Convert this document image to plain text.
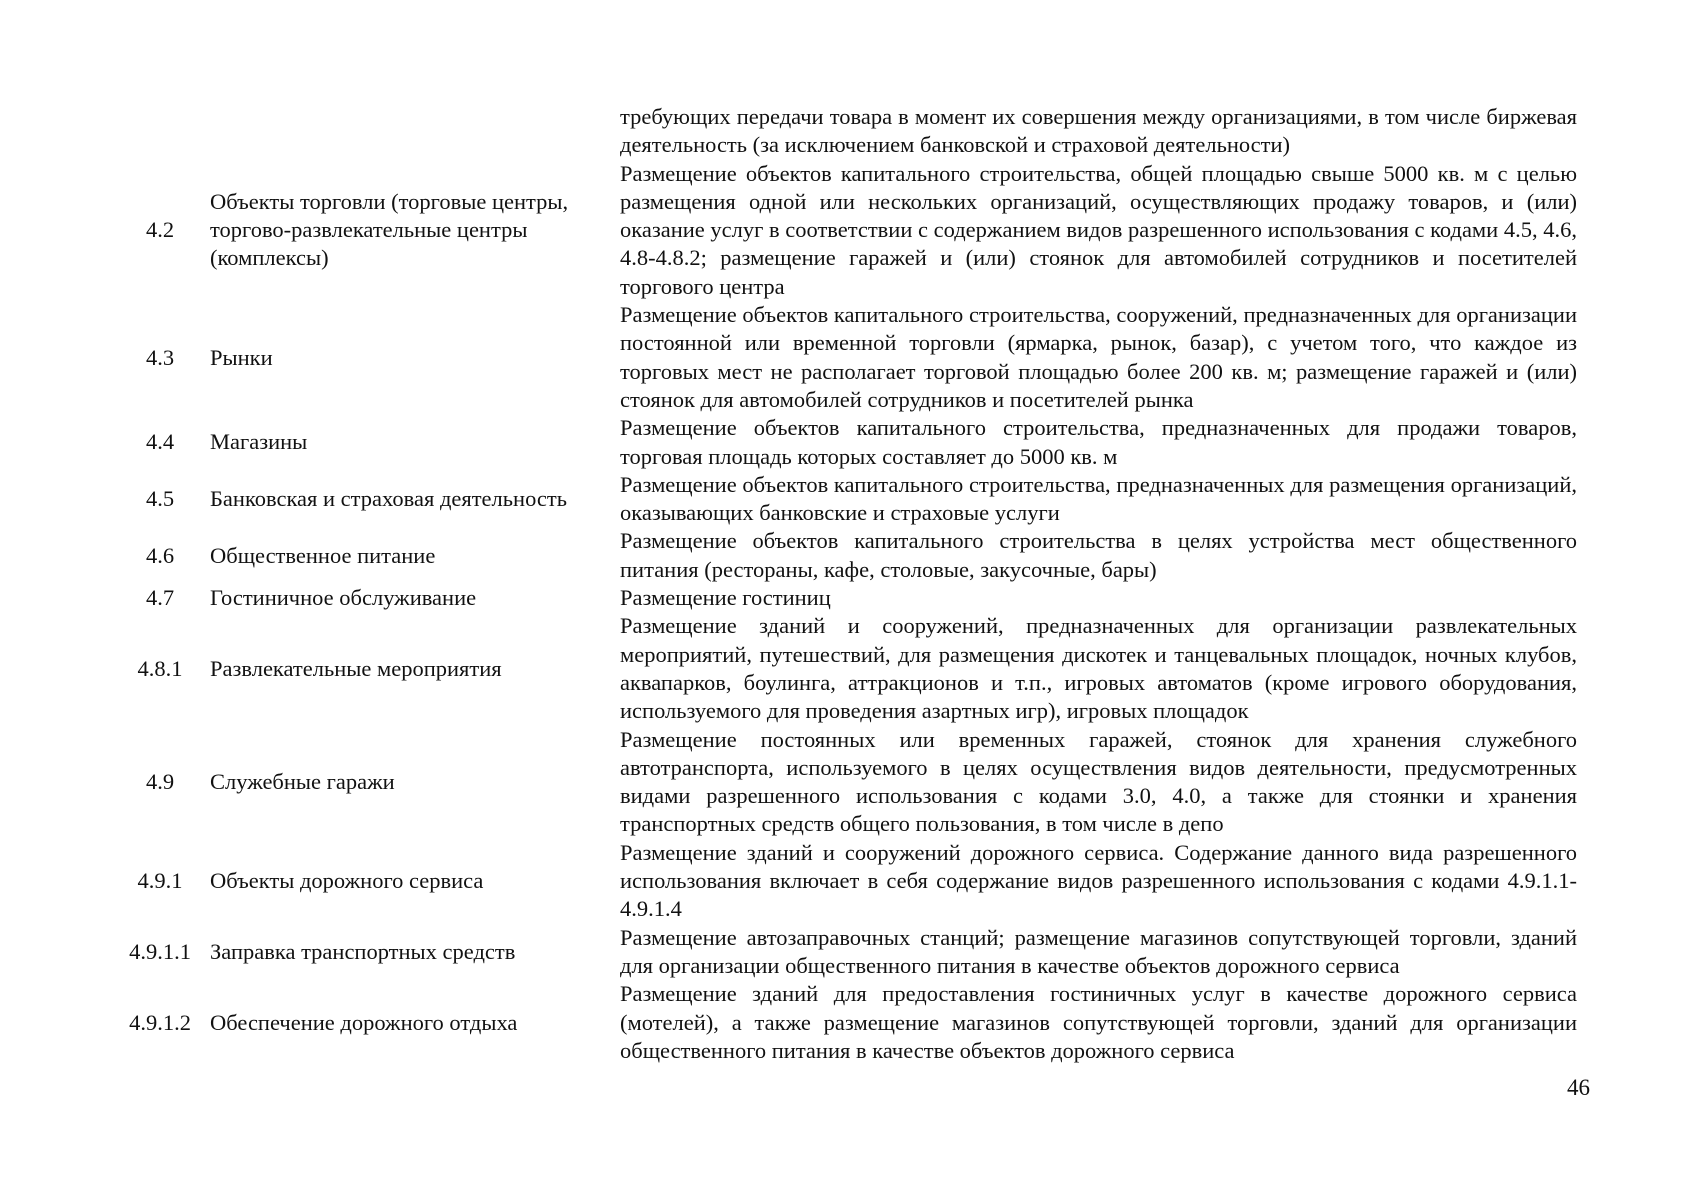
		требующих передачи товара в момент их совершения между организациями, в том числе биржевая деятельность (за исключением банковской и страховой деятельности)
4.2	Объекты торговли (торговые центры, торгово-развлекательные центры (комплексы)	Размещение объектов капитального строительства, общей площадью свыше 5000 кв. м с целью размещения одной или нескольких организаций, осуществляющих продажу товаров, и (или) оказание услуг в соответствии с содержанием видов разрешенного использования с кодами 4.5, 4.6, 4.8-4.8.2; размещение гаражей и (или) стоянок для автомобилей сотрудников и посетителей торгового центра
4.3	Рынки	Размещение объектов капитального строительства, сооружений, предназначенных для организации постоянной или временной торговли (ярмарка, рынок, базар), с учетом того, что каждое из торговых мест не располагает торговой площадью более 200 кв. м; размещение гаражей и (или) стоянок для автомобилей сотрудников и посетителей рынка
4.4	Магазины	Размещение объектов капитального строительства, предназначенных для продажи товаров, торговая площадь которых составляет до 5000 кв. м
4.5	Банковская и страховая деятельность	Размещение объектов капитального строительства, предназначенных для размещения организаций, оказывающих банковские и страховые услуги
4.6	Общественное питание	Размещение объектов капитального строительства в целях устройства мест общественного питания (рестораны, кафе, столовые, закусочные, бары)
4.7	Гостиничное обслуживание	Размещение гостиниц
4.8.1	Развлекательные мероприятия	Размещение зданий и сооружений, предназначенных для организации развлекательных мероприятий, путешествий, для размещения дискотек и танцевальных площадок, ночных клубов, аквапарков, боулинга, аттракционов и т.п., игровых автоматов (кроме игрового оборудования, используемого для проведения азартных игр), игровых площадок
4.9	Служебные гаражи	Размещение постоянных или временных гаражей, стоянок для хранения служебного автотранспорта, используемого в целях осуществления видов деятельности, предусмотренных видами разрешенного использования с кодами 3.0, 4.0, а также для стоянки и хранения транспортных средств общего пользования, в том числе в депо
4.9.1	Объекты дорожного сервиса	Размещение зданий и сооружений дорожного сервиса. Содержание данного вида разрешенного использования включает в себя содержание видов разрешенного использования с кодами 4.9.1.1-4.9.1.4
4.9.1.1	Заправка транспортных средств	Размещение автозаправочных станций; размещение магазинов сопутствующей торговли, зданий для организации общественного питания в качестве объектов дорожного сервиса
4.9.1.2	Обеспечение дорожного отдыха	Размещение зданий для предоставления гостиничных услуг в качестве дорожного сервиса (мотелей), а также размещение магазинов сопутствующей торговли, зданий для организации общественного питания в качестве объектов дорожного сервиса
46
